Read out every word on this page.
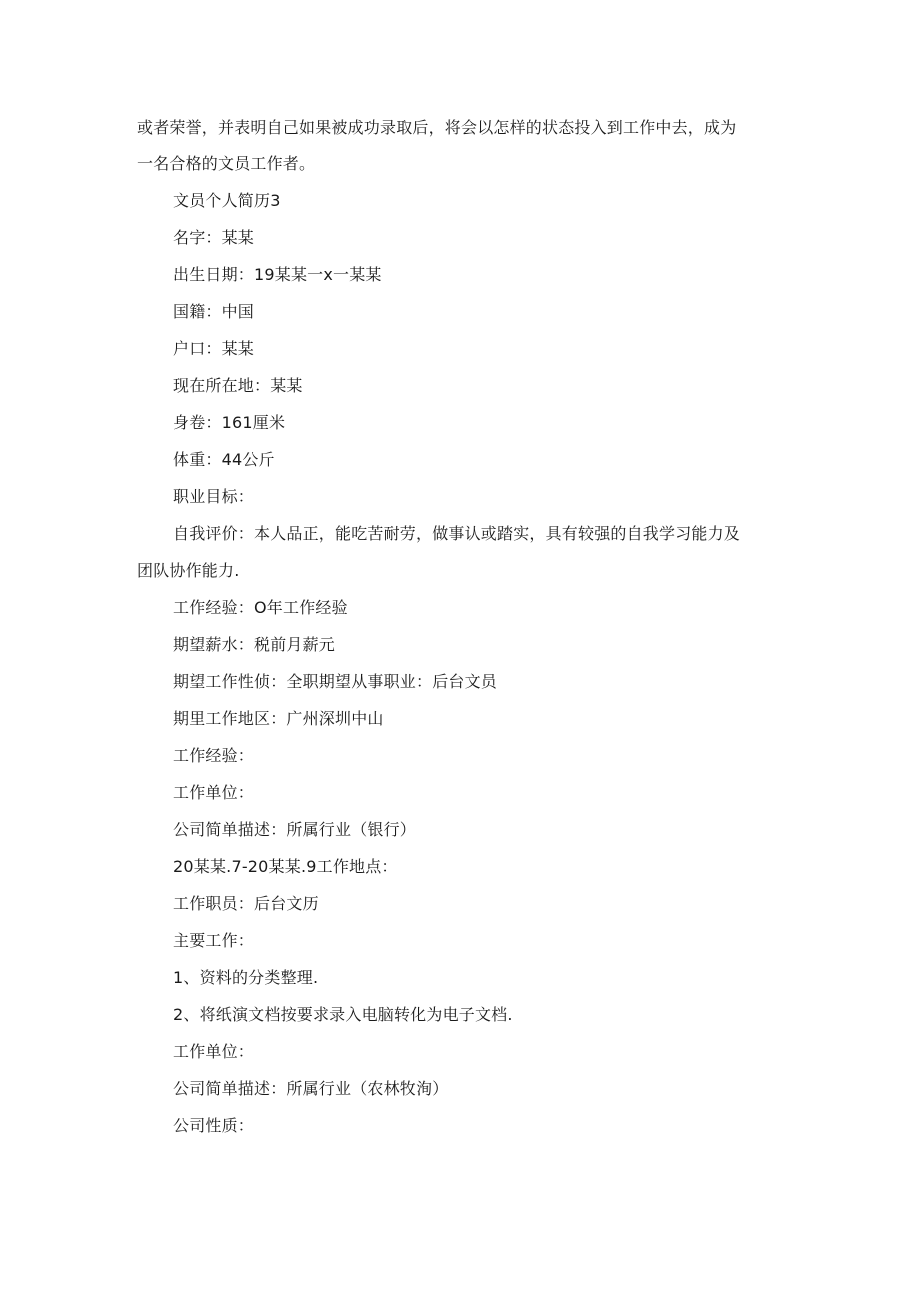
或者荣誉，并表明自己如果被成功录取后，将会以怎样的状态投入到工作中去，成为
一名合格的文员工作者。
文员个人简历3
名字：某某
出生日期：19某某一x一某某
国籍：中国
户口：某某
现在所在地：某某
身卷：161厘米
体重：44公斤
职业目标：
自我评价：本人品正，能吃苦耐劳，做事认或踏实，具有较强的自我学习能力及
团队协作能力.
工作经验：O年工作经验
期望薪水：税前月薪元
期望工作性侦：全职期望从事职业：后台文员
期里工作地区：广州深圳中山
工作经验：
工作单位：
公司简单描述：所属行业（银行）
20某某.7-20某某.9工作地点：
工作职员：后台文历
主要工作：
1、资料的分类整理.
2、将纸演文档按要求录入电脑转化为电子文档.
工作单位：
公司简单描述：所属行业（农林牧洵）
公司性质：
